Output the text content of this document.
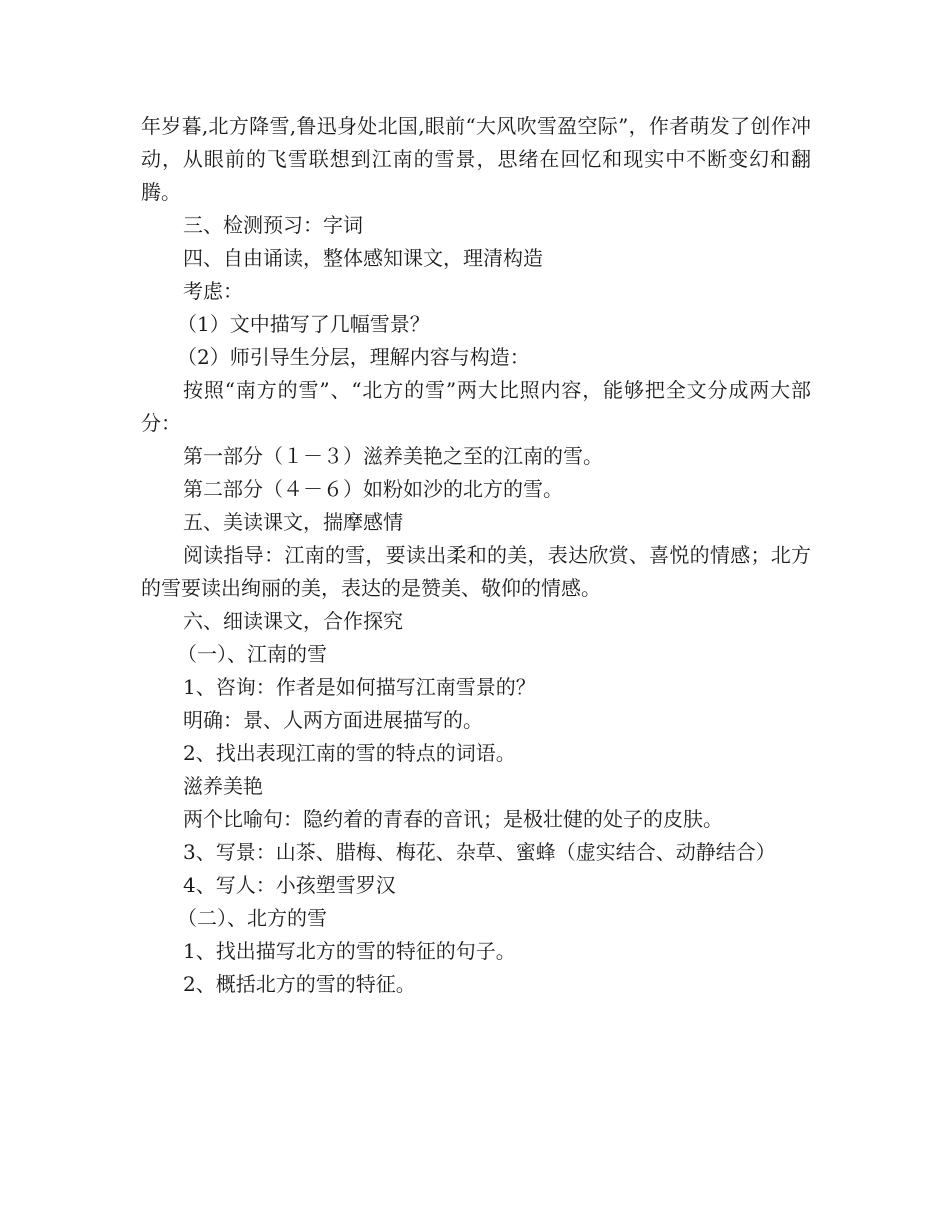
年岁暮,北方降雪,鲁迅身处北国,眼前“大风吹雪盈空际”，作者萌发了创作冲动，从眼前的飞雪联想到江南的雪景，思绪在回忆和现实中不断变幻和翻腾。

三、检测预习：字词

四、自由诵读，整体感知课文，理清构造

考虑：

（1）文中描写了几幅雪景？

（2）师引导生分层，理解内容与构造：

按照“南方的雪”、“北方的雪”两大比照内容，能够把全文分成两大部分：

第一部分（１－３）滋养美艳之至的江南的雪。

第二部分（４－６）如粉如沙的北方的雪。

五、美读课文，揣摩感情

阅读指导：江南的雪，要读出柔和的美，表达欣赏、喜悦的情感；北方的雪要读出绚丽的美，表达的是赞美、敬仰的情感。

六、细读课文，合作探究

（一）、江南的雪

1、咨询：作者是如何描写江南雪景的？

明确：景、人两方面进展描写的。

2、找出表现江南的雪的特点的词语。

滋养美艳

两个比喻句：隐约着的青春的音讯；是极壮健的处子的皮肤。

3、写景：山茶、腊梅、梅花、杂草、蜜蜂（虚实结合、动静结合）

4、写人：小孩塑雪罗汉

（二）、北方的雪

1、找出描写北方的雪的特征的句子。

2、概括北方的雪的特征。
